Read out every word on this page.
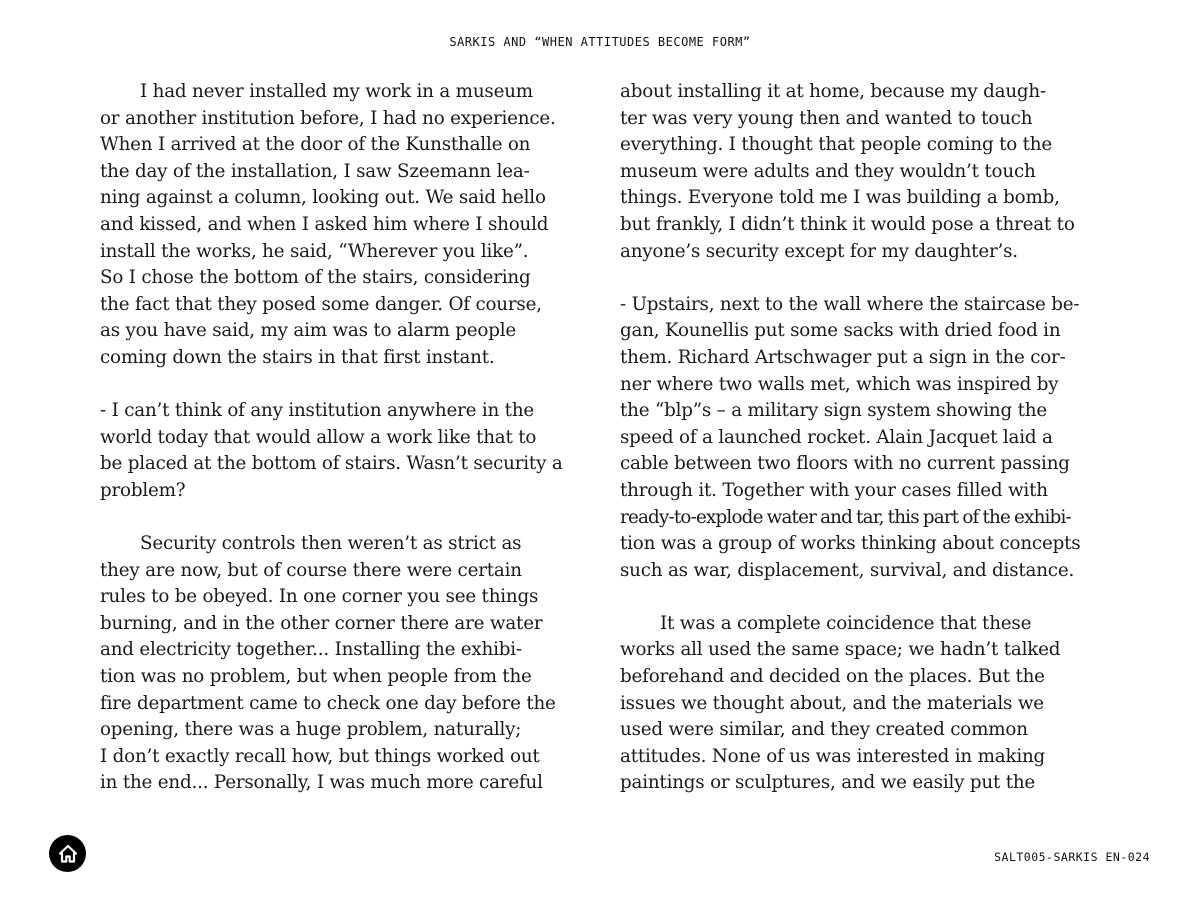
SARKIS AND “WHEN ATTITUDES BECOME FORM”
I had never installed my work in a museum
or another institution before, I had no experience.
When I arrived at the door of the Kunsthalle on
the day of the installation, I saw Szeemann lea-
ning against a column, looking out. We said hello
and kissed, and when I asked him where I should
install the works, he said, “Wherever you like”.
So I chose the bottom of the stairs, considering
the fact that they posed some danger. Of course,
as you have said, my aim was to alarm people
coming down the stairs in that first instant.
- I can’t think of any institution anywhere in the
world today that would allow a work like that to
be placed at the bottom of stairs. Wasn’t security a
problem?
Security controls then weren’t as strict as
they are now, but of course there were certain
rules to be obeyed. In one corner you see things
burning, and in the other corner there are water
and electricity together... Installing the exhibi-
tion was no problem, but when people from the
fire department came to check one day before the
opening, there was a huge problem, naturally;
I don’t exactly recall how, but things worked out
in the end... Personally, I was much more careful
about installing it at home, because my daugh-
ter was very young then and wanted to touch
everything. I thought that people coming to the
museum were adults and they wouldn’t touch
things. Everyone told me I was building a bomb,
but frankly, I didn’t think it would pose a threat to
anyone’s security except for my daughter’s.
- Upstairs, next to the wall where the staircase be-
gan, Kounellis put some sacks with dried food in
them. Richard Artschwager put a sign in the cor-
ner where two walls met, which was inspired by
the “blp”s – a military sign system showing the
speed of a launched rocket. Alain Jacquet laid a
cable between two floors with no current passing
through it. Together with your cases filled with
ready-to-explode water and tar, this part of the exhibi-
tion was a group of works thinking about concepts
such as war, displacement, survival, and distance.
It was a complete coincidence that these
works all used the same space; we hadn’t talked
beforehand and decided on the places. But the
issues we thought about, and the materials we
used were similar, and they created common
attitudes. None of us was interested in making
paintings or sculptures, and we easily put the
SALT005-SARKIS EN-024
